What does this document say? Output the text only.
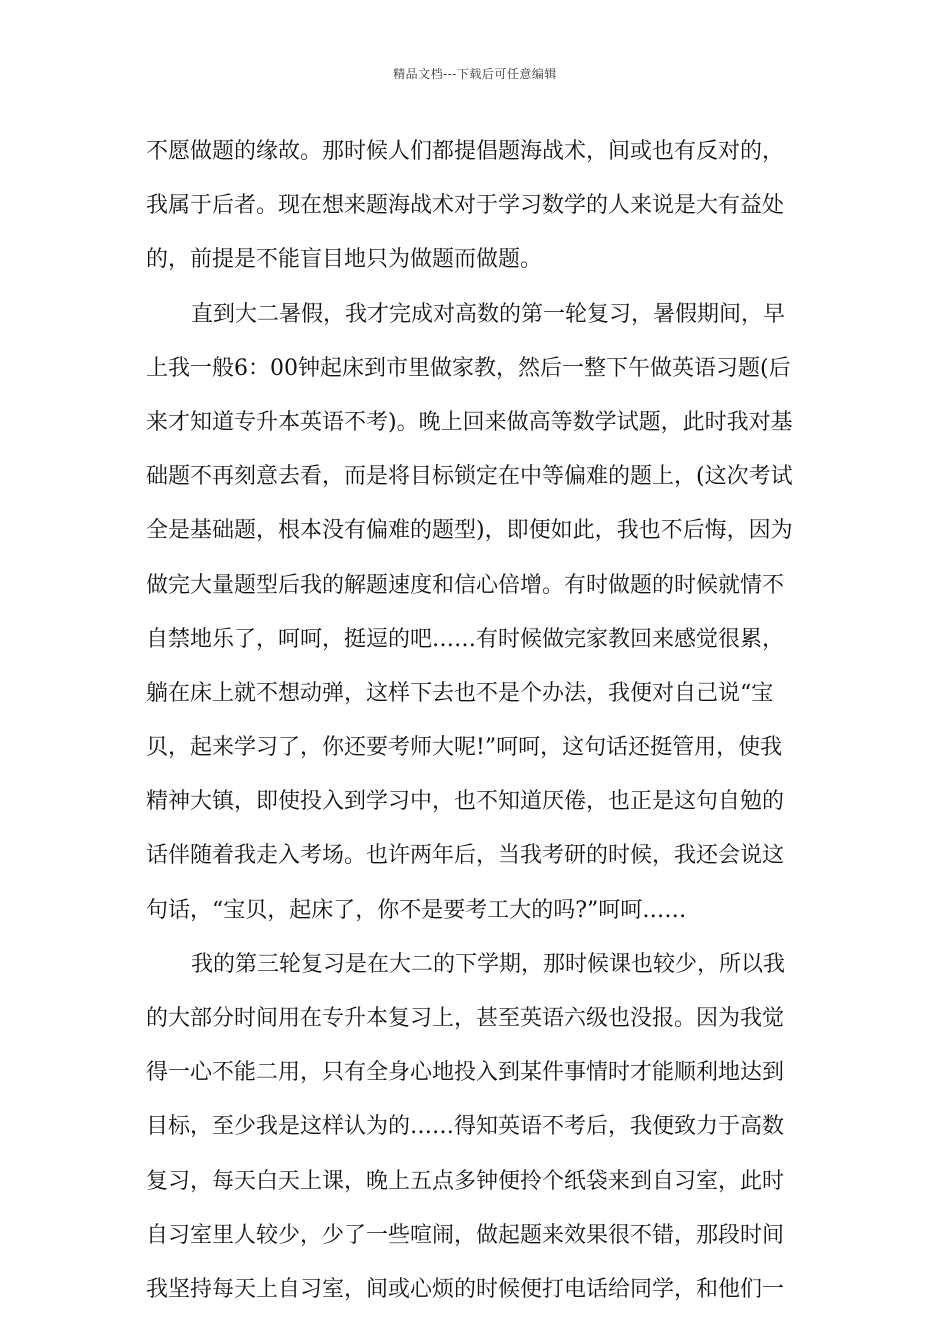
精品文档---下载后可任意编辑
不愿做题的缘故。那时候人们都提倡题海战术，间或也有反对的，
我属于后者。现在想来题海战术对于学习数学的人来说是大有益处
的，前提是不能盲目地只为做题而做题。
直到大二暑假，我才完成对高数的第一轮复习，暑假期间，早
上我一般6：00钟起床到市里做家教，然后一整下午做英语习题(后
来才知道专升本英语不考)。晚上回来做高等数学试题，此时我对基
础题不再刻意去看，而是将目标锁定在中等偏难的题上，(这次考试
全是基础题，根本没有偏难的题型)，即便如此，我也不后悔，因为
做完大量题型后我的解题速度和信心倍增。有时做题的时候就情不
自禁地乐了，呵呵，挺逗的吧……有时候做完家教回来感觉很累，
躺在床上就不想动弹，这样下去也不是个办法，我便对自己说“宝
贝，起来学习了，你还要考师大呢!”呵呵，这句话还挺管用，使我
精神大镇，即使投入到学习中，也不知道厌倦，也正是这句自勉的
话伴随着我走入考场。也许两年后，当我考研的时候，我还会说这
句话，“宝贝，起床了，你不是要考工大的吗?”呵呵……
我的第三轮复习是在大二的下学期，那时候课也较少，所以我
的大部分时间用在专升本复习上，甚至英语六级也没报。因为我觉
得一心不能二用，只有全身心地投入到某件事情时才能顺利地达到
目标，至少我是这样认为的……得知英语不考后，我便致力于高数
复习，每天白天上课，晚上五点多钟便拎个纸袋来到自习室，此时
自习室里人较少，少了一些喧闹，做起题来效果很不错，那段时间
我坚持每天上自习室，间或心烦的时候便打电话给同学，和他们一
